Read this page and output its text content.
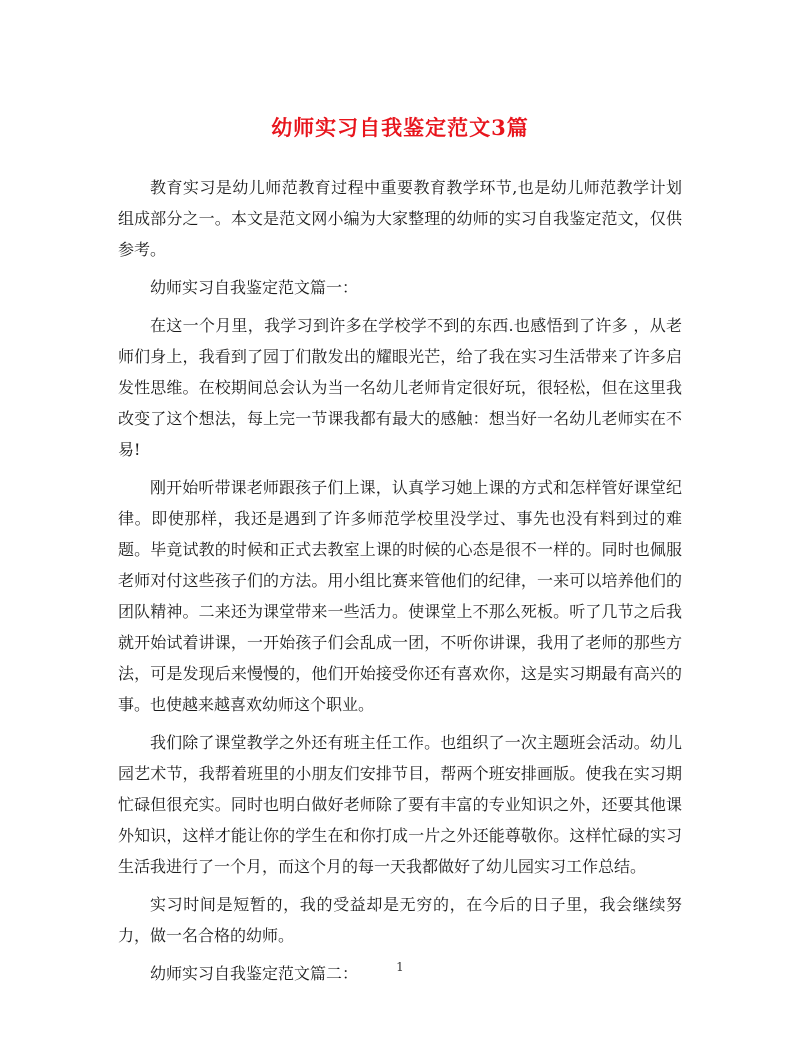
幼师实习自我鉴定范文3篇

教育实习是幼儿师范教育过程中重要教育教学环节,也是幼儿师范教学计划组成部分之一。本文是范文网小编为大家整理的幼师的实习自我鉴定范文，仅供参考。

幼师实习自我鉴定范文篇一：

在这一个月里，我学习到许多在学校学不到的东西.也感悟到了许多 ，从老师们身上，我看到了园丁们散发出的耀眼光芒，给了我在实习生活带来了许多启发性思维。在校期间总会认为当一名幼儿老师肯定很好玩，很轻松，但在这里我改变了这个想法，每上完一节课我都有最大的感触：想当好一名幼儿老师实在不易!

刚开始听带课老师跟孩子们上课，认真学习她上课的方式和怎样管好课堂纪律。即使那样，我还是遇到了许多师范学校里没学过、事先也没有料到过的难题。毕竟试教的时候和正式去教室上课的时候的心态是很不一样的。同时也佩服老师对付这些孩子们的方法。用小组比赛来管他们的纪律，一来可以培养他们的团队精神。二来还为课堂带来一些活力。使课堂上不那么死板。听了几节之后我就开始试着讲课，一开始孩子们会乱成一团，不听你讲课，我用了老师的那些方法，可是发现后来慢慢的，他们开始接受你还有喜欢你，这是实习期最有高兴的事。也使越来越喜欢幼师这个职业。

我们除了课堂教学之外还有班主任工作。也组织了一次主题班会活动。幼儿园艺术节，我帮着班里的小朋友们安排节目，帮两个班安排画版。使我在实习期忙碌但很充实。同时也明白做好老师除了要有丰富的专业知识之外，还要其他课外知识，这样才能让你的学生在和你打成一片之外还能尊敬你。这样忙碌的实习生活我进行了一个月，而这个月的每一天我都做好了幼儿园实习工作总结。

实习时间是短暂的，我的受益却是无穷的，在今后的日子里，我会继续努力，做一名合格的幼师。

幼师实习自我鉴定范文篇二：	1
